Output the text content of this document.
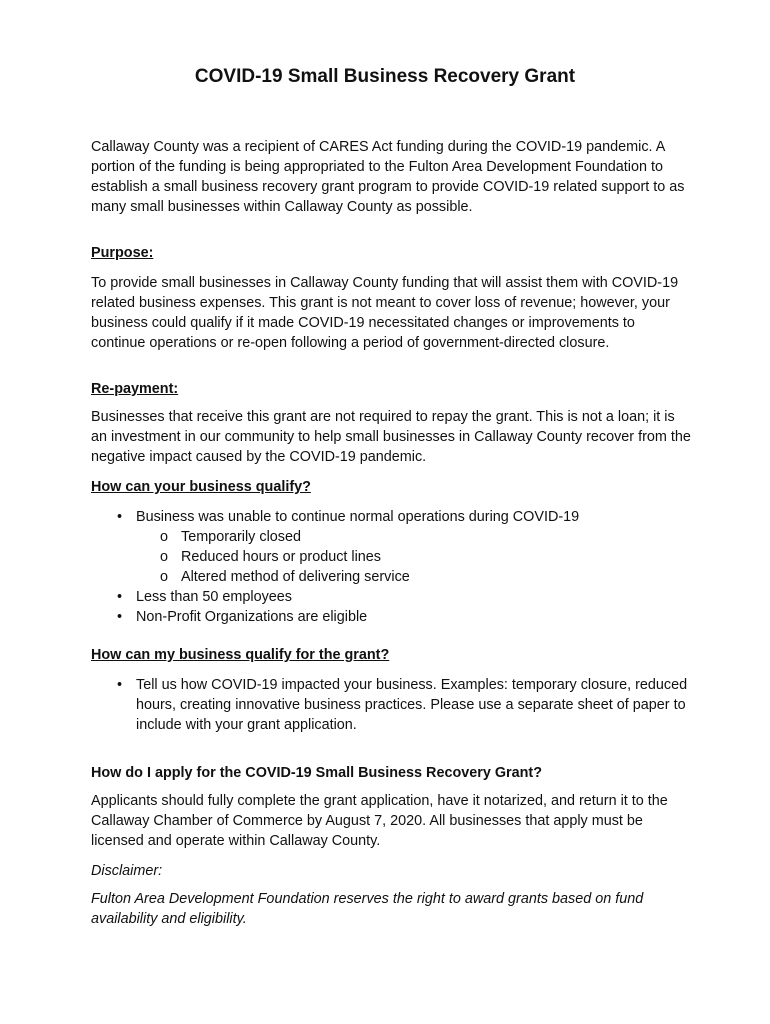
COVID-19 Small Business Recovery Grant

Callaway County was a recipient of CARES Act funding during the COVID-19 pandemic. A portion of the funding is being appropriated to the Fulton Area Development Foundation to establish a small business recovery grant program to provide COVID-19 related support to as many small businesses within Callaway County as possible.

Purpose:

To provide small businesses in Callaway County funding that will assist them with COVID-19 related business expenses. This grant is not meant to cover loss of revenue; however, your business could qualify if it made COVID-19 necessitated changes or improvements to continue operations or re-open following a period of government-directed closure.

Re-payment:

Businesses that receive this grant are not required to repay the grant. This is not a loan; it is an investment in our community to help small businesses in Callaway County recover from the negative impact caused by the COVID-19 pandemic.

How can your business qualify?

• Business was unable to continue normal operations during COVID-19
o Temporarily closed
o Reduced hours or product lines
o Altered method of delivering service
• Less than 50 employees
• Non-Profit Organizations are eligible

How can my business qualify for the grant?

• Tell us how COVID-19 impacted your business. Examples: temporary closure, reduced hours, creating innovative business practices. Please use a separate sheet of paper to include with your grant application.

How do I apply for the COVID-19 Small Business Recovery Grant?

Applicants should fully complete the grant application, have it notarized, and return it to the Callaway Chamber of Commerce by August 7, 2020. All businesses that apply must be licensed and operate within Callaway County.

Disclaimer:

Fulton Area Development Foundation reserves the right to award grants based on fund availability and eligibility.
